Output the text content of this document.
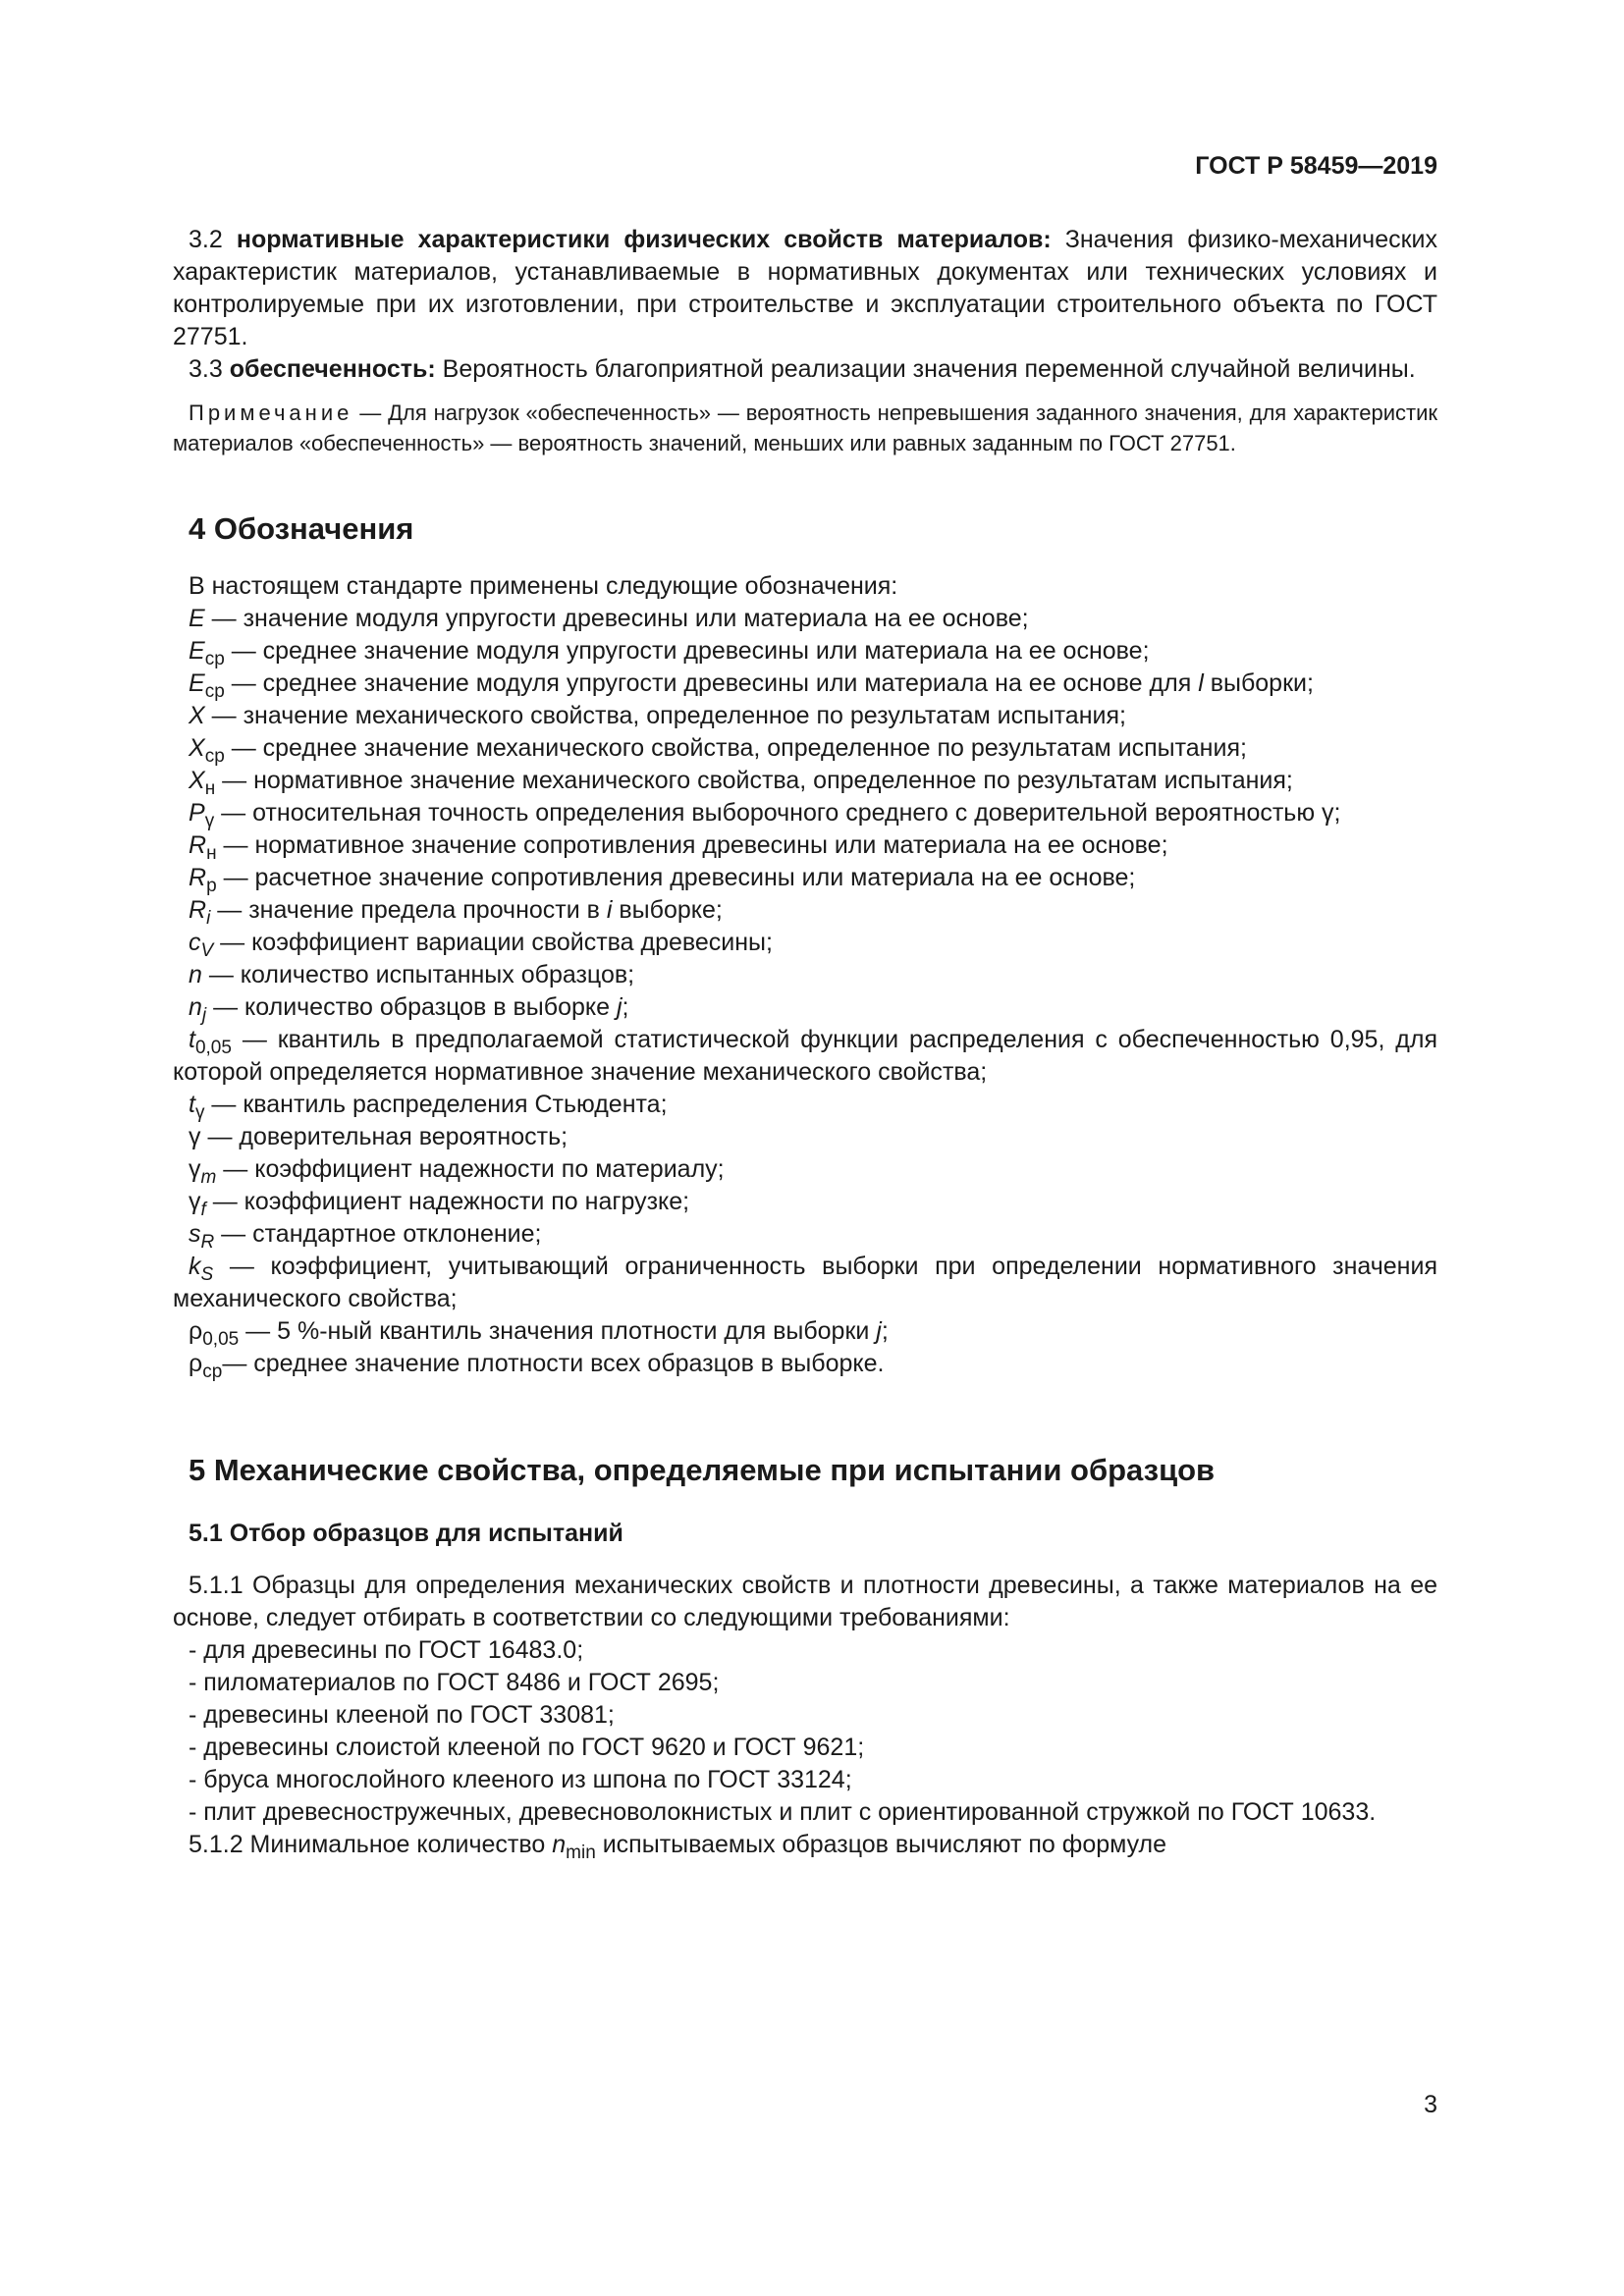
ГОСТ Р 58459—2019

3.2 нормативные характеристики физических свойств материалов: Значения физико-механических характеристик материалов, устанавливаемые в нормативных документах или технических условиях и контролируемые при их изготовлении, при строительстве и эксплуатации строительного объекта по ГОСТ 27751.

3.3 обеспеченность: Вероятность благоприятной реализации значения переменной случайной величины.

Примечание — Для нагрузок «обеспеченность» — вероятность непревышения заданного значения, для характеристик материалов «обеспеченность» — вероятность значений, меньших или равных заданным по ГОСТ 27751.

4 Обозначения

В настоящем стандарте применены следующие обозначения:

E — значение модуля упругости древесины или материала на ее основе;

$E_{ср}$ — среднее значение модуля упругости древесины или материала на ее основе;

$E_{ср}$ — среднее значение модуля упругости древесины или материала на ее основе для l выборки;

X — значение механического свойства, определенное по результатам испытания;

$X_{ср}$ — среднее значение механического свойства, определенное по результатам испытания;

$X_н$ — нормативное значение механического свойства, определенное по результатам испытания;

$P_\gamma$ — относительная точность определения выборочного среднего с доверительной вероятностью γ;

$R_н$ — нормативное значение сопротивления древесины или материала на ее основе;

$R_р$ — расчетное значение сопротивления древесины или материала на ее основе;

$R_i$ — значение предела прочности в i выборке;

$c_V$ — коэффициент вариации свойства древесины;

n — количество испытанных образцов;

$n_j$ — количество образцов в выборке j;

$t_{0,05}$ — квантиль в предполагаемой статистической функции распределения с обеспеченностью 0,95, для которой определяется нормативное значение механического свойства;

$t_\gamma$ — квантиль распределения Стьюдента;

γ — доверительная вероятность;

$\gamma_m$ — коэффициент надежности по материалу;

$\gamma_f$ — коэффициент надежности по нагрузке;

$s_R$ — стандартное отклонение;

$k_S$ — коэффициент, учитывающий ограниченность выборки при определении нормативного значения механического свойства;

$\rho_{0,05}$ — 5 %-ный квантиль значения плотности для выборки j;

$\rho_{ср}—$ среднее значение плотности всех образцов в выборке.

5 Механические свойства, определяемые при испытании образцов
5.1 Отбор образцов для испытаний

5.1.1 Образцы для определения механических свойств и плотности древесины, а также материалов на ее основе, следует отбирать в соответствии со следующими требованиями:

- для древесины по ГОСТ 16483.0;

- пиломатериалов по ГОСТ 8486 и ГОСТ 2695;

- древесины клееной по ГОСТ 33081;

- древесины слоистой клееной по ГОСТ 9620 и ГОСТ 9621;

- бруса многослойного клееного из шпона по ГОСТ 33124;

- плит древесностружечных, древесноволокнистых и плит с ориентированной стружкой по ГОСТ 10633.

5.1.2 Минимальное количество $n_{min}$ испытываемых образцов вычисляют по формуле

3
